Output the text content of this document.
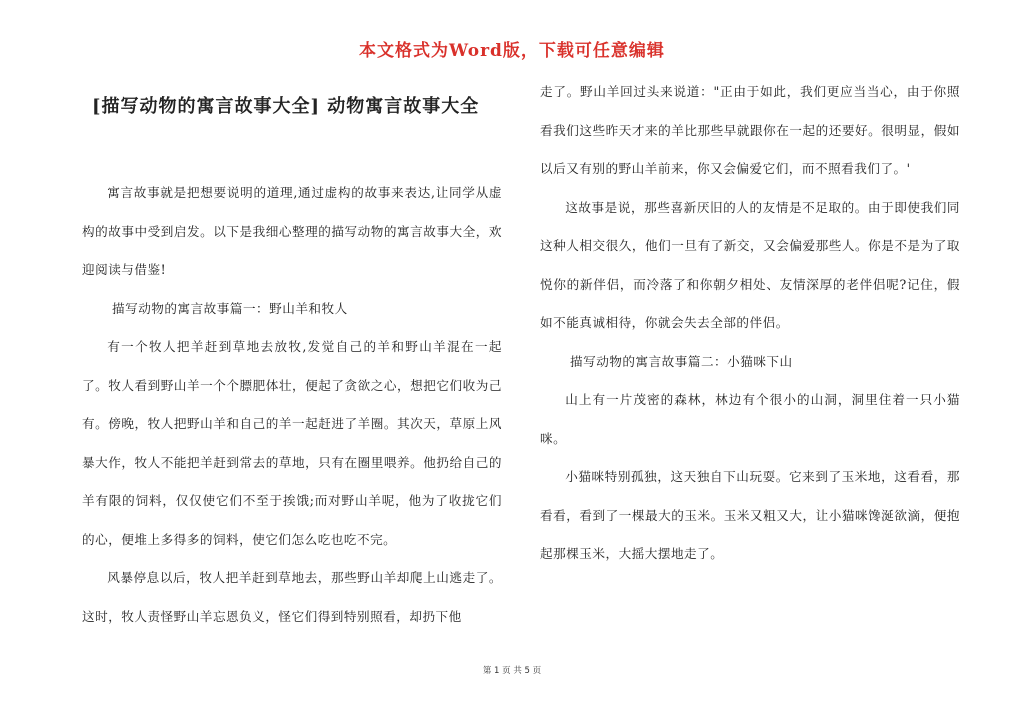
本文格式为Word版，下载可任意编辑
[描写动物的寓言故事大全] 动物寓言故事大全

寓言故事就是把想要说明的道理,通过虚构的故事来表达,让同学从虚构的故事中受到启发。以下是我细心整理的描写动物的寓言故事大全，欢迎阅读与借鉴!

描写动物的寓言故事篇一：野山羊和牧人

有一个牧人把羊赶到草地去放牧,发觉自己的羊和野山羊混在一起了。牧人看到野山羊一个个膘肥体壮，便起了贪欲之心，想把它们收为己有。傍晚，牧人把野山羊和自己的羊一起赶进了羊圈。其次天，草原上风暴大作，牧人不能把羊赶到常去的草地，只有在圈里喂养。他扔给自己的羊有限的饲料，仅仅使它们不至于挨饿;而对野山羊呢，他为了收拢它们的心，便堆上多得多的饲料，使它们怎么吃也吃不完。

风暴停息以后，牧人把羊赶到草地去，那些野山羊却爬上山逃走了。这时，牧人责怪野山羊忘恩负义，怪它们得到特别照看，却扔下他

走了。野山羊回过头来说道："正由于如此，我们更应当当心，由于你照看我们这些昨天才来的羊比那些早就跟你在一起的还要好。很明显，假如以后又有别的野山羊前来，你又会偏爱它们，而不照看我们了。'

这故事是说，那些喜新厌旧的人的友情是不足取的。由于即使我们同这种人相交很久，他们一旦有了新交，又会偏爱那些人。你是不是为了取悦你的新伴侣，而冷落了和你朝夕相处、友情深厚的老伴侣呢?记住，假如不能真诚相待，你就会失去全部的伴侣。

描写动物的寓言故事篇二：小猫咪下山

山上有一片茂密的森林，林边有个很小的山洞，洞里住着一只小猫咪。

小猫咪特别孤独，这天独自下山玩耍。它来到了玉米地，这看看，那看看，看到了一棵最大的玉米。玉米又粗又大，让小猫咪馋涎欲滴，便抱起那棵玉米，大摇大摆地走了。

第 1 页 共 5 页
